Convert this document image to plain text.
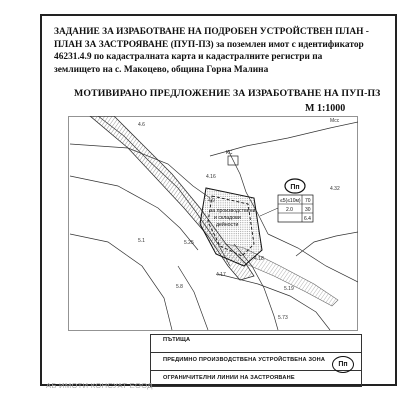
ЗАДАНИЕ ЗА ИЗРАБОТВАНЕ НА ПОДРОБЕН УСТРОЙСТВЕН ПЛАН -
ПЛАН ЗА ЗАСТРОЯВАНЕ (ПУП-ПЗ) за поземлен имот с идентификатор
46231.4.9 по кадастралната карта и кадастралните регистри па
землището на с. Макоцево, община Горна Малина
МОТИВИРАНО ПРЕДЛОЖЕНИЕ ЗА ИЗРАБОТВАНЕ НА ПУП-ПЗ
М 1:1000
КС
за производствени
и складови
дейности
Пп
≤5(≤10м) 70
2.0 30
6.4
4.6
4.32
4.16
4.9
5.25
5.1
5.8	5.19
5.73
4.18
4.17
Мсс
ПЪТИЩА
ПРЕДИМНО ПРОИЗВОДСТВЕНА УСТРОЙСТВЕНА ЗОНА
ОГРАНИЧИТЕЛНИ ЛИНИИ НА ЗАСТРОЯВАНЕ
Пп
АБ ИМОТИ КОНСУАТ ЕООД
